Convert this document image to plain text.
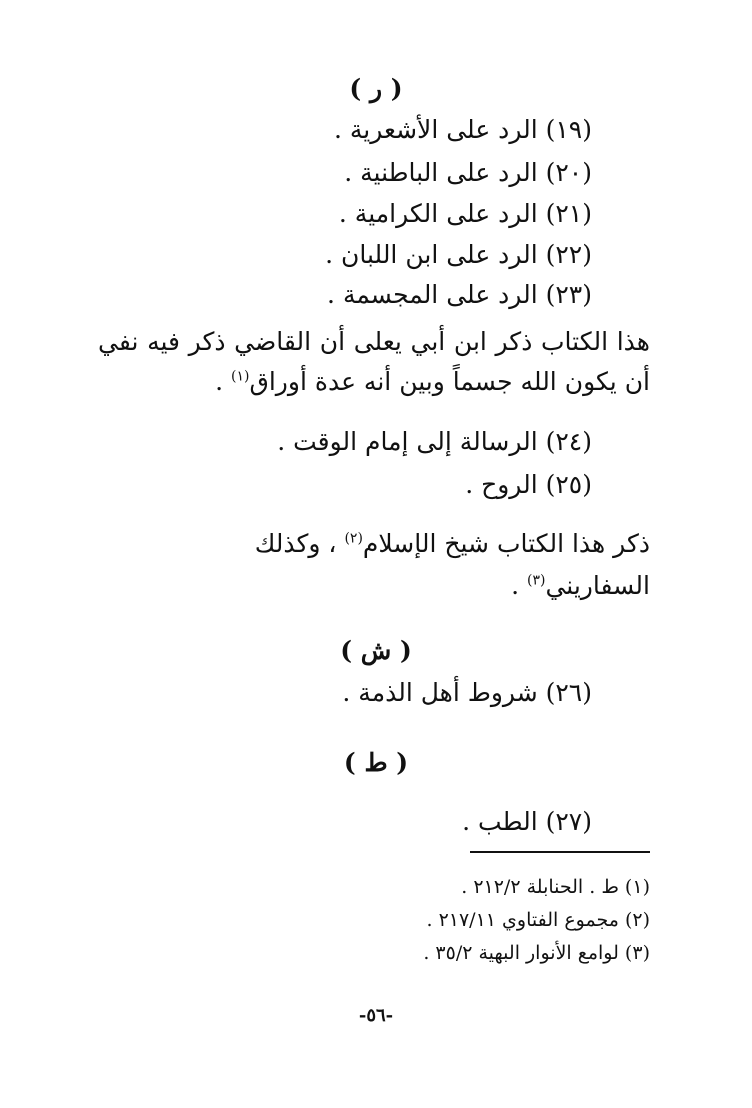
( ر )
(١٩) الرد على الأشعرية .
(٢٠) الرد على الباطنية .
(٢١) الرد على الكرامية .
(٢٢) الرد على ابن اللبان .
(٢٣) الرد على المجسمة .
هذا الكتاب ذكر ابن أبي يعلى أن القاضي ذكر فيه نفي
أن يكون الله جسماً وبين أنه عدة أوراق$^{(١)}$ .
(٢٤) الرسالة إلى إمام الوقت .
(٢٥) الروح .
ذكر هذا الكتاب شيخ الإسلام$^{(٢)}$ ، وكذلك
السفاريني$^{(٣)}$ .
( ش )
(٢٦) شروط أهل الذمة .
( ط )
(٢٧) الطب .
(١) ط . الحنابلة ٢١٢/٢ .
(٢) مجموع الفتاوي ٢١٧/١١ .
(٣) لوامع الأنوار البهية ٣٥/٢ .
-٥٦-
